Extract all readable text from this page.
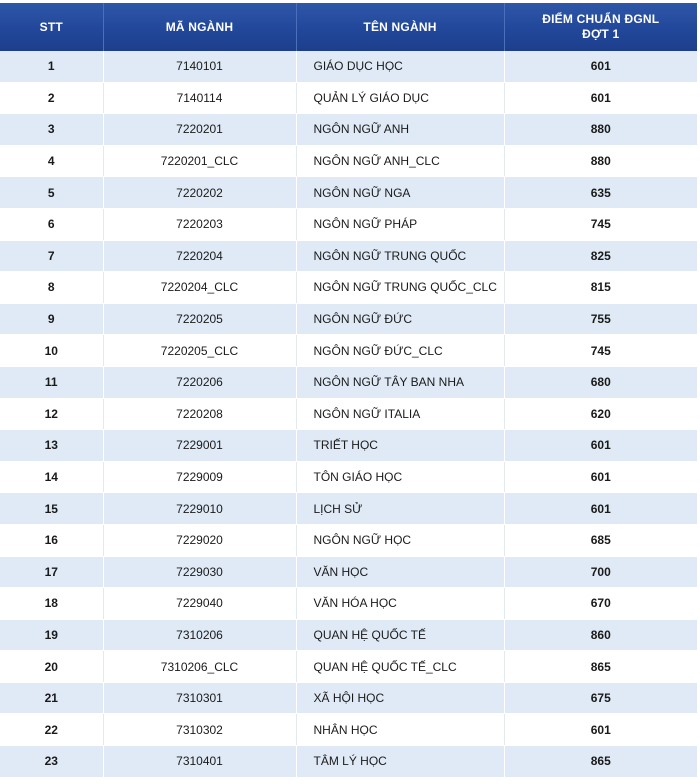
STT	MÃ NGÀNH	TÊN NGÀNH	ĐIỂM CHUẨN ĐGNL
ĐỢT 1
1	7140101	GIÁO DỤC HỌC	601
2	7140114	QUẢN LÝ GIÁO DỤC	601
3	7220201	NGÔN NGỮ ANH	880
4	7220201_CLC	NGÔN NGỮ ANH_CLC	880
5	7220202	NGÔN NGỮ NGA	635
6	7220203	NGÔN NGỮ PHÁP	745
7	7220204	NGÔN NGỮ TRUNG QUỐC	825
8	7220204_CLC	NGÔN NGỮ TRUNG QUỐC_CLC	815
9	7220205	NGÔN NGỮ ĐỨC	755
10	7220205_CLC	NGÔN NGỮ ĐỨC_CLC	745
11	7220206	NGÔN NGỮ TÂY BAN NHA	680
12	7220208	NGÔN NGỮ ITALIA	620
13	7229001	TRIẾT HỌC	601
14	7229009	TÔN GIÁO HỌC	601
15	7229010	LỊCH SỬ	601
16	7229020	NGÔN NGỮ HỌC	685
17	7229030	VĂN HỌC	700
18	7229040	VĂN HÓA HỌC	670
19	7310206	QUAN HỆ QUỐC TẾ	860
20	7310206_CLC	QUAN HỆ QUỐC TẾ_CLC	865
21	7310301	XÃ HỘI HỌC	675
22	7310302	NHÂN HỌC	601
23	7310401	TÂM LÝ HỌC	865
